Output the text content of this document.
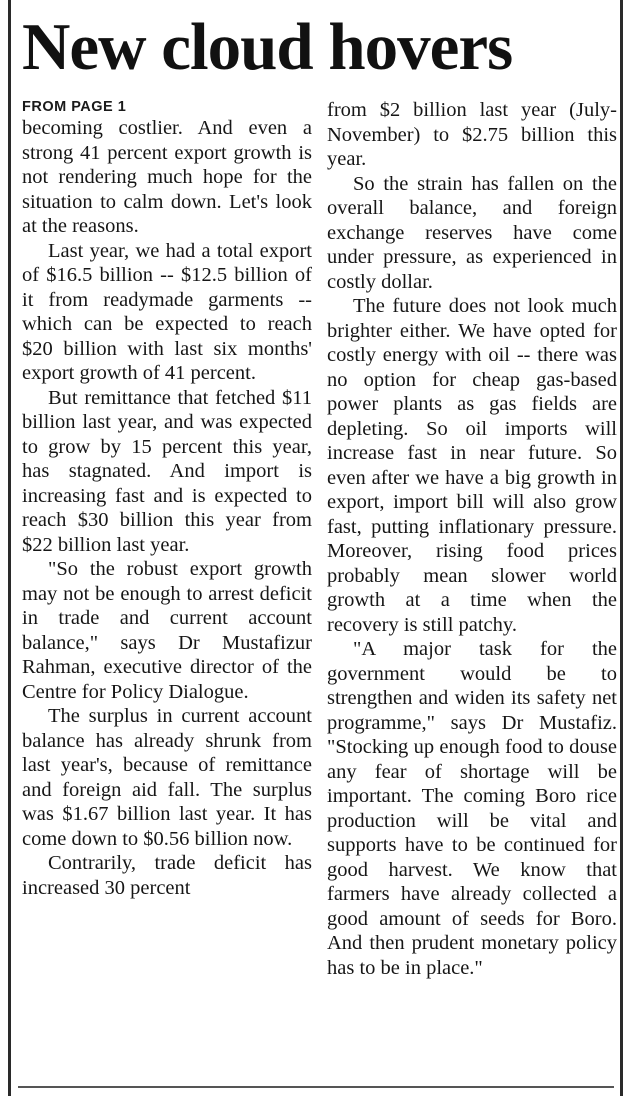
New cloud hovers
FROM PAGE 1

becoming costlier. And even a strong 41 percent export growth is not rendering much hope for the situation to calm down. Let's look at the reasons.

Last year, we had a total export of $16.5 billion -- $12.5 billion of it from readymade garments -- which can be expected to reach $20 billion with last six months' export growth of 41 percent.

But remittance that fetched $11 billion last year, and was expected to grow by 15 percent this year, has stagnated. And import is increasing fast and is expected to reach $30 billion this year from $22 billion last year.

"So the robust export growth may not be enough to arrest deficit in trade and current account balance," says Dr Mustafizur Rahman, executive director of the Centre for Policy Dialogue.

The surplus in current account balance has already shrunk from last year's, because of remittance and foreign aid fall. The surplus was $1.67 billion last year. It has come down to $0.56 billion now.

Contrarily, trade deficit has increased 30 percent

from $2 billion last year (July-November) to $2.75 billion this year.

So the strain has fallen on the overall balance, and foreign exchange reserves have come under pressure, as experienced in costly dollar.

The future does not look much brighter either. We have opted for costly energy with oil -- there was no option for cheap gas-based power plants as gas fields are depleting. So oil imports will increase fast in near future. So even after we have a big growth in export, import bill will also grow fast, putting inflationary pressure. Moreover, rising food prices probably mean slower world growth at a time when the recovery is still patchy.

"A major task for the government would be to strengthen and widen its safety net programme," says Dr Mustafiz. "Stocking up enough food to douse any fear of shortage will be important. The coming Boro rice production will be vital and supports have to be continued for good harvest. We know that farmers have already collected a good amount of seeds for Boro. And then prudent monetary policy has to be in place."
